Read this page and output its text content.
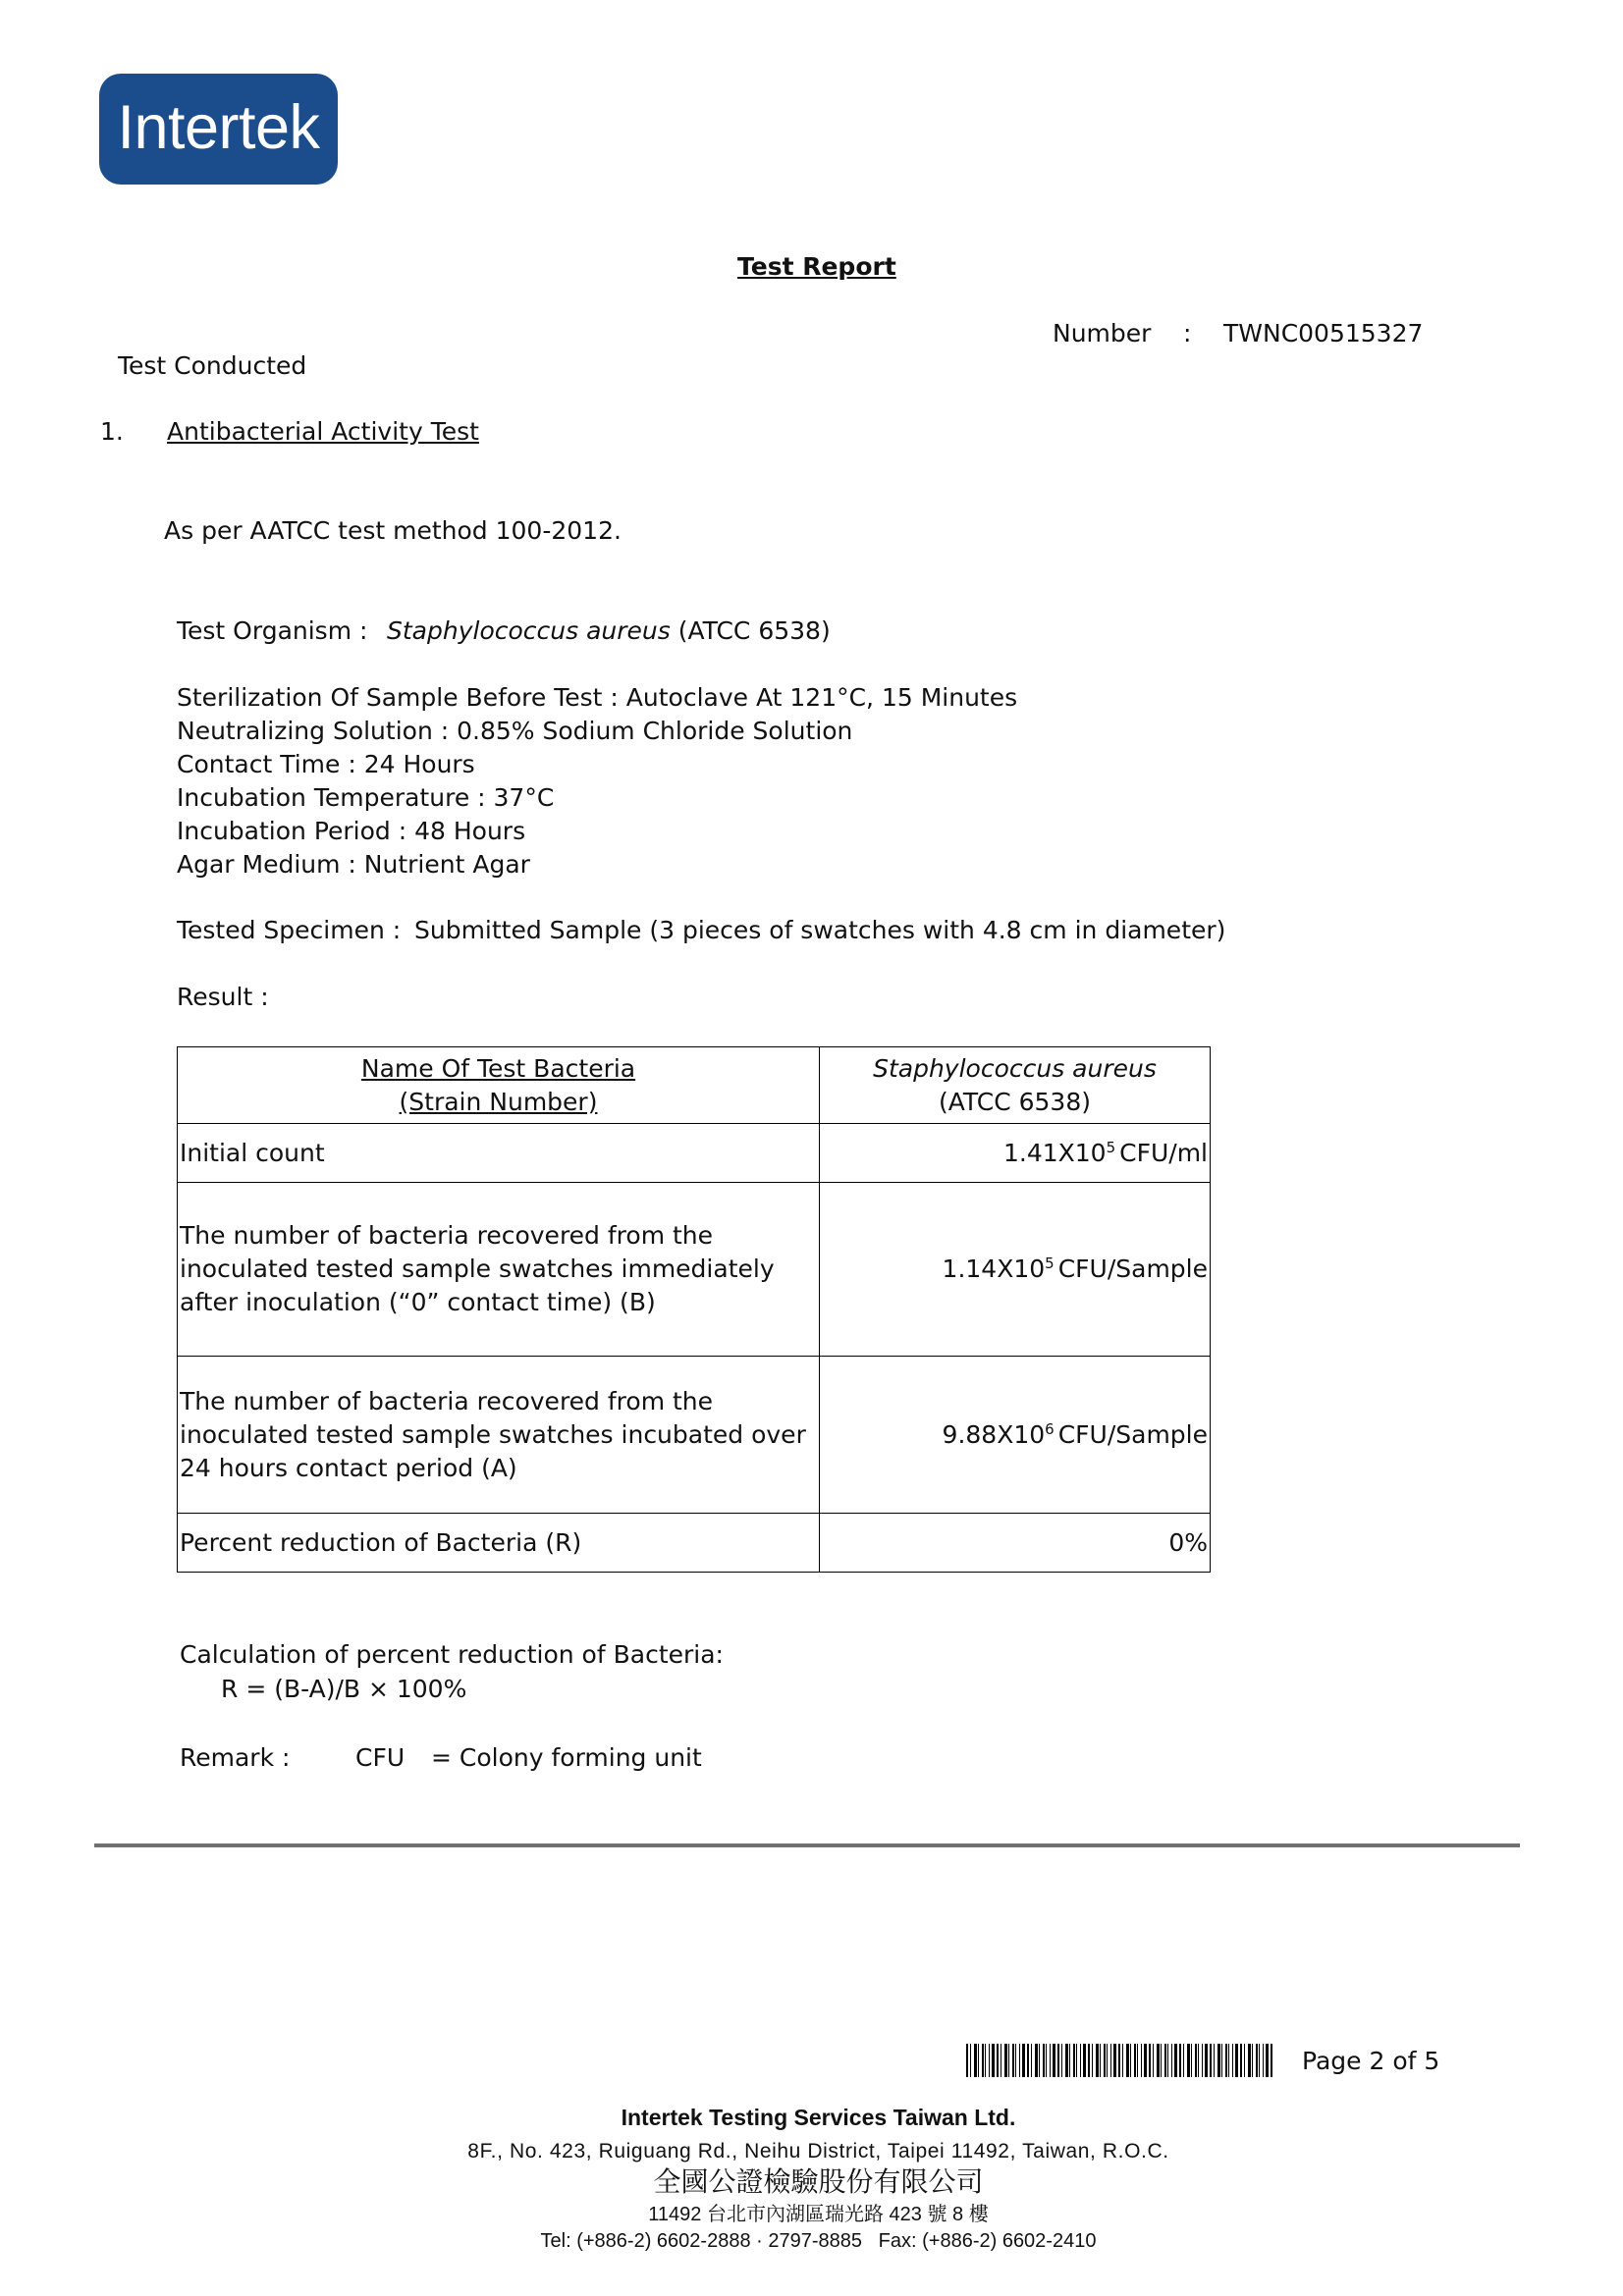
Intertek
Test Report
Number : TWNC00515327
Test Conducted
1. Antibacterial Activity Test
As per AATCC test method 100-2012.
Test Organism : Staphylococcus aureus (ATCC 6538)
Sterilization Of Sample Before Test : Autoclave At 121°C, 15 Minutes
Neutralizing Solution : 0.85% Sodium Chloride Solution
Contact Time : 24 Hours
Incubation Temperature : 37°C
Incubation Period : 48 Hours
Agar Medium : Nutrient Agar
Tested Specimen : Submitted Sample (3 pieces of swatches with 4.8 cm in diameter)
Result :
Name Of Test Bacteria
(Strain Number)	Staphylococcus aureus
(ATCC 6538)

Initial count	$1.41X10^5$ CFU/ml

The number of bacteria recovered from the
inoculated tested sample swatches immediately
after inoculation (“0” contact time) (B)	$1.14X10^5$ CFU/Sample

The number of bacteria recovered from the
inoculated tested sample swatches incubated over
24 hours contact period (A)	$9.88X10^6$ CFU/Sample

Percent reduction of Bacteria (R)	0%
Calculation of percent reduction of Bacteria:
R = (B-A)/B × 100%
Remark :	CFU = Colony forming unit
Page 2 of 5
Intertek Testing Services Taiwan Ltd.
8F., No. 423, Ruiguang Rd., Neihu District, Taipei 11492, Taiwan, R.O.C.
全國公證檢驗股份有限公司
11492 台北市內湖區瑞光路 423 號 8 樓
Tel: (+886-2) 6602-2888 · 2797-8885   Fax: (+886-2) 6602-2410
